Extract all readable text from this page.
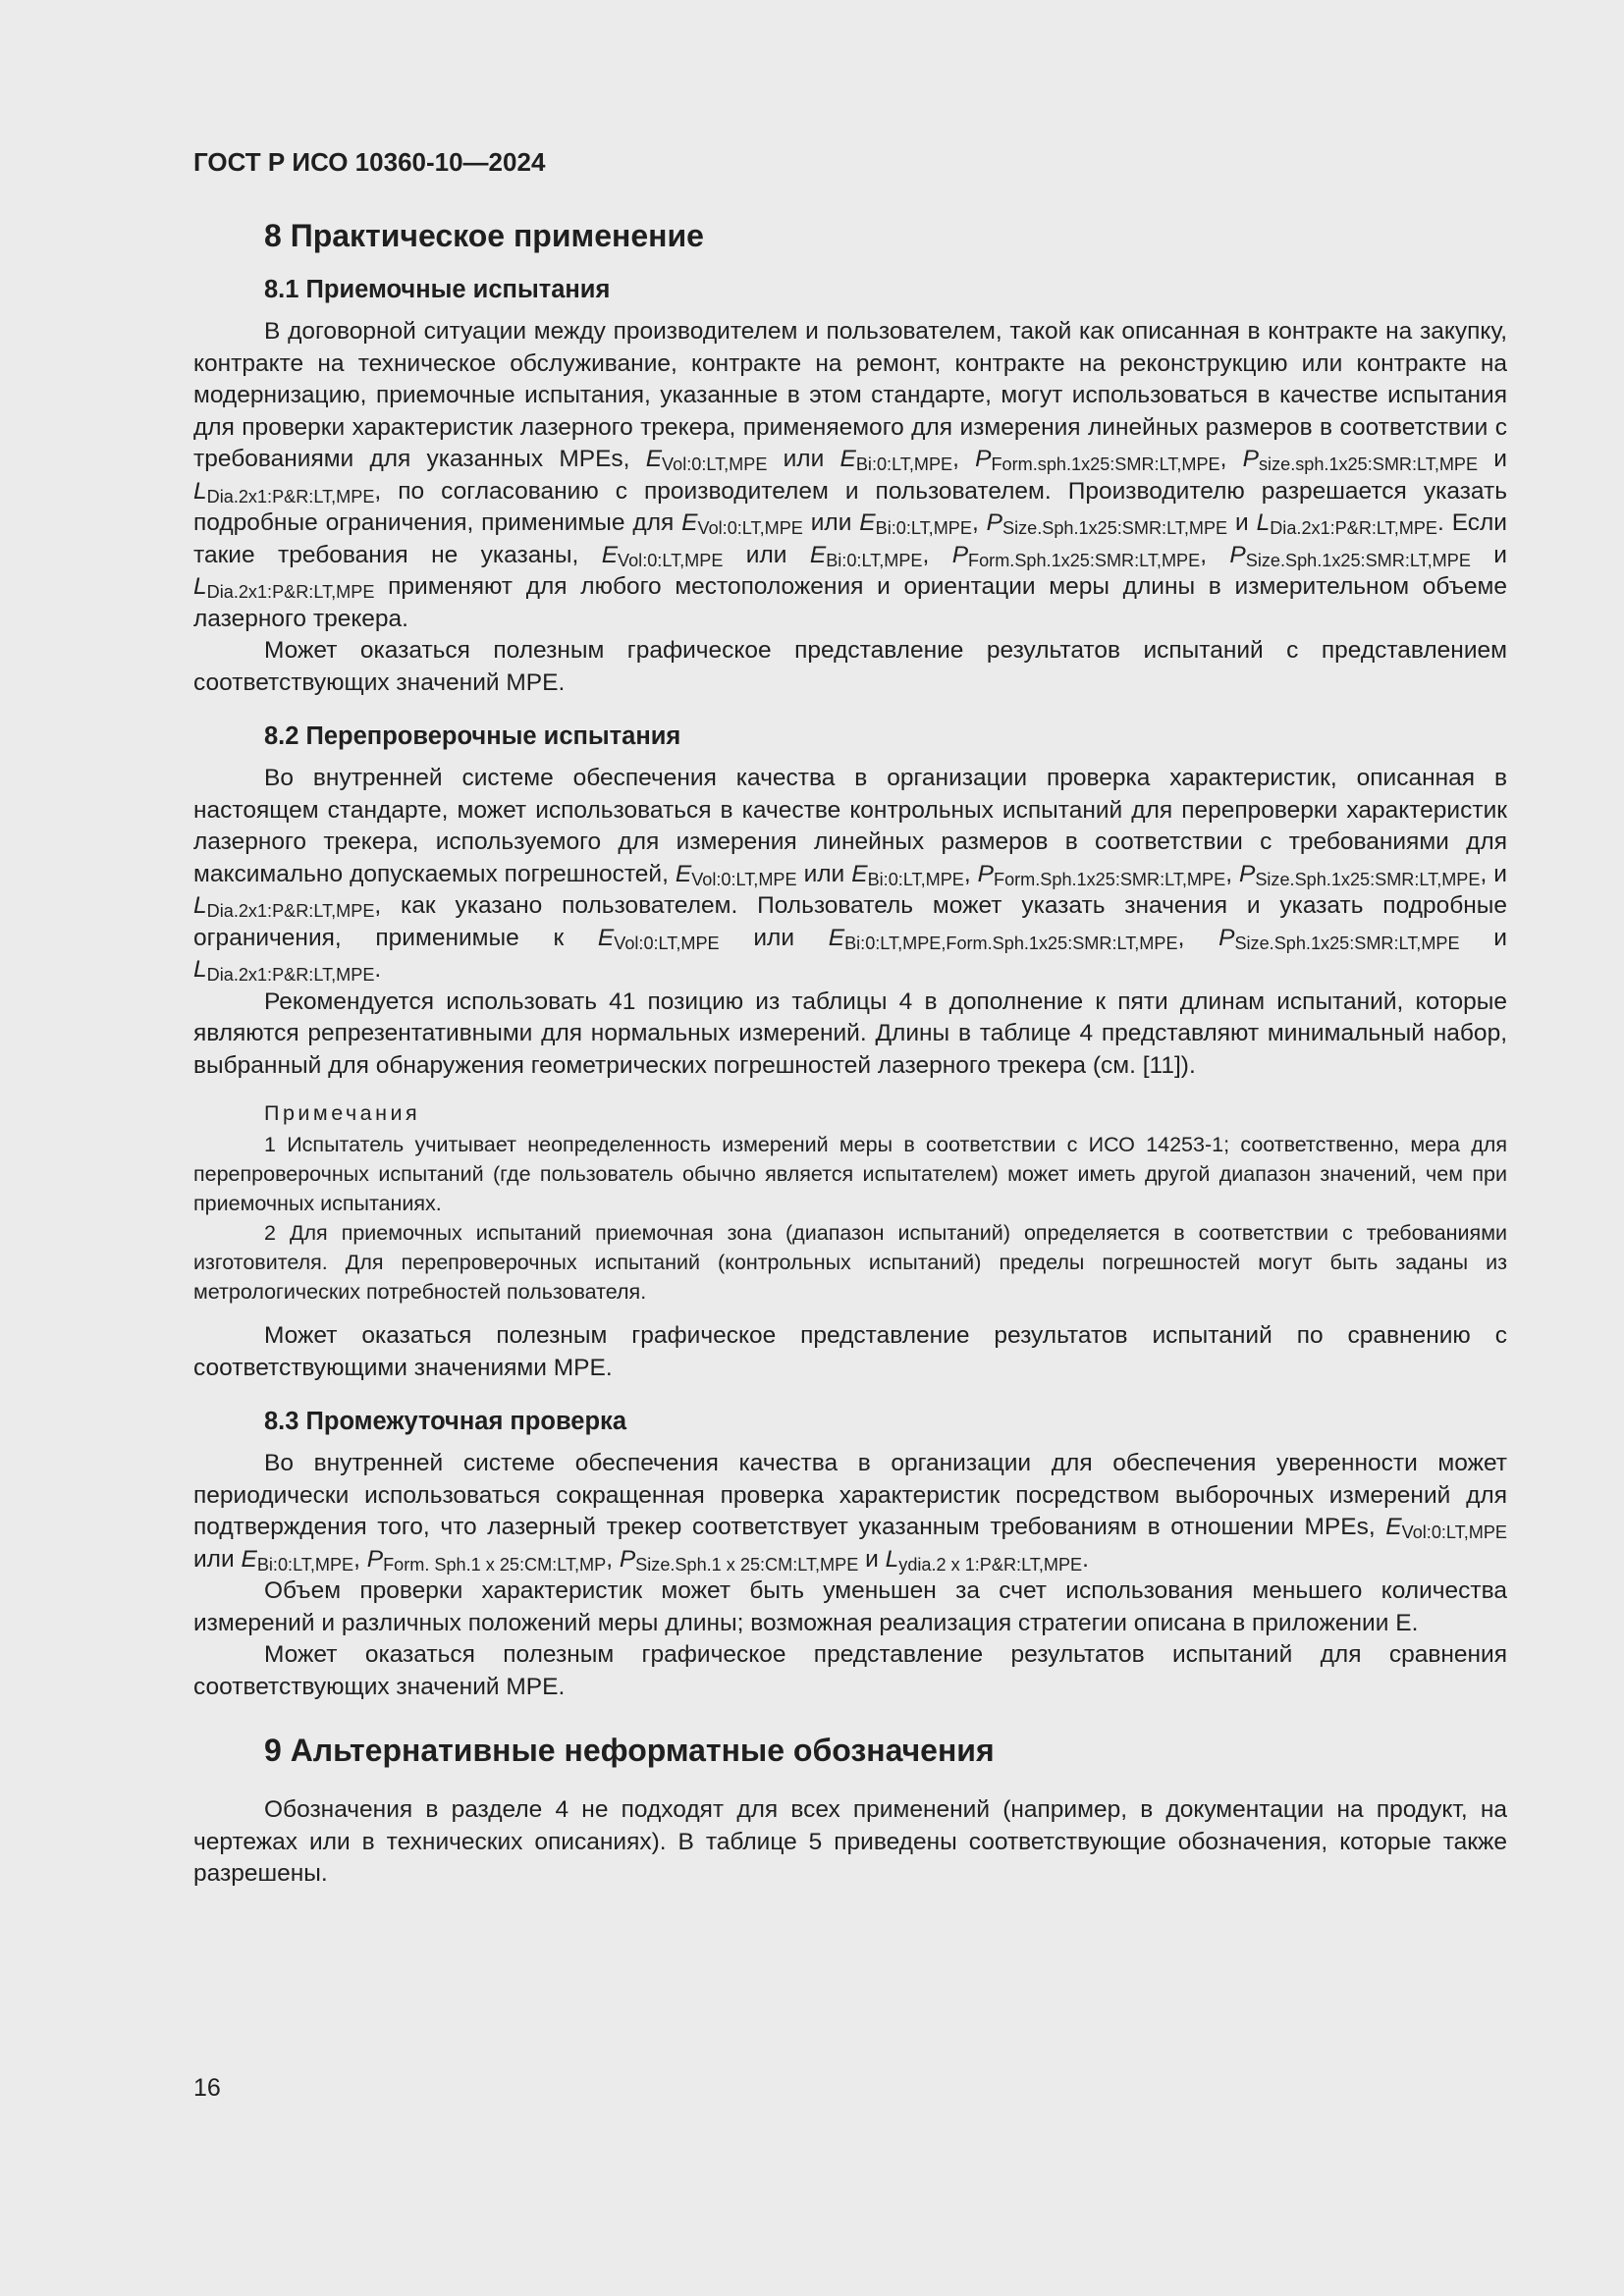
ГОСТ Р ИСО 10360-10—2024
8 Практическое применение
8.1 Приемочные испытания

В договорной ситуации между производителем и пользователем, такой как описанная в контракте на закупку, контракте на техническое обслуживание, контракте на ремонт, контракте на реконструкцию или контракте на модернизацию, приемочные испытания, указанные в этом стандарте, могут использоваться в качестве испытания для проверки характеристик лазерного трекера, применяемого для измерения линейных размеров в соответствии с требованиями для указанных MPEs, $E_{Vol:0:LT,MPE}$ или $E_{Bi:0:LT,MPE}$, $P_{Form.sph.1x25:SMR:LT,MPE}$, $P_{size.sph.1x25:SMR:LT,MPE}$ и $L_{Dia.2x1:P\&R:LT,MPE}$, по согласованию с производителем и пользователем. Производителю разрешается указать подробные ограничения, применимые для $E_{Vol:0:LT,MPE}$ или $E_{Bi:0:LT,MPE}$, $P_{Size.Sph.1x25:SMR:LT,MPE}$ и $L_{Dia.2x1:P\&R:LT,MPE}$. Если такие требования не указаны, $E_{Vol:0:LT,MPE}$ или $E_{Bi:0:LT,MPE}$, $P_{Form.Sph.1x25:SMR:LT,MPE}$, $P_{Size.Sph.1x25:SMR:LT,MPE}$ и $L_{Dia.2x1:P\&R:LT,MPE}$ применяют для любого местоположения и ориентации меры длины в измерительном объеме лазерного трекера.

Может оказаться полезным графическое представление результатов испытаний с представлением соответствующих значений MPE.

8.2 Перепроверочные испытания

Во внутренней системе обеспечения качества в организации проверка характеристик, описанная в настоящем стандарте, может использоваться в качестве контрольных испытаний для перепроверки характеристик лазерного трекера, используемого для измерения линейных размеров в соответствии с требованиями для максимально допускаемых погрешностей, $E_{Vol:0:LT,MPE}$ или $E_{Bi:0:LT,MPE}$, $P_{Form.Sph.1x25:SMR:LT,MPE}$, $P_{Size.Sph.1x25:SMR:LT,MPE}$, и $L_{Dia.2x1:P\&R:LT,MPE}$, как указано пользователем. Пользователь может указать значения и указать подробные ограничения, применимые к $E_{Vol:0:LT,MPE}$ или $E_{Bi:0:LT,MPE,Form.Sph.1x25:SMR:LT,MPE}$, $P_{Size.Sph.1x25:SMR:LT,MPE}$ и $L_{Dia.2x1:P\&R:LT,MPE}$.

Рекомендуется использовать 41 позицию из таблицы 4 в дополнение к пяти длинам испытаний, которые являются репрезентативными для нормальных измерений. Длины в таблице 4 представляют минимальный набор, выбранный для обнаружения геометрических погрешностей лазерного трекера (см. [11]).

Примечания

1 Испытатель учитывает неопределенность измерений меры в соответствии с ИСО 14253-1; соответственно, мера для перепроверочных испытаний (где пользователь обычно является испытателем) может иметь другой диапазон значений, чем при приемочных испытаниях.

2 Для приемочных испытаний приемочная зона (диапазон испытаний) определяется в соответствии с требованиями изготовителя. Для перепроверочных испытаний (контрольных испытаний) пределы погрешностей могут быть заданы из метрологических потребностей пользователя.

Может оказаться полезным графическое представление результатов испытаний по сравнению с соответствующими значениями MPE.

8.3 Промежуточная проверка

Во внутренней системе обеспечения качества в организации для обеспечения уверенности может периодически использоваться сокращенная проверка характеристик посредством выборочных измерений для подтверждения того, что лазерный трекер соответствует указанным требованиям в отношении MPEs, $E_{Vol:0:LT,MPE}$ или $E_{Bi:0:LT,MPE}$, $P_{Form. Sph.1 x 25:CM:LT,MP}$, $P_{Size.Sph.1 x 25:CM:LT,MPE}$ и $L_{ydia.2 x 1:P\&R:LT,MPE}$.

Объем проверки характеристик может быть уменьшен за счет использования меньшего количества измерений и различных положений меры длины; возможная реализация стратегии описана в приложении Е.

Может оказаться полезным графическое представление результатов испытаний для сравнения соответствующих значений MPE.

9 Альтернативные неформатные обозначения

Обозначения в разделе 4 не подходят для всех применений (например, в документации на продукт, на чертежах или в технических описаниях). В таблице 5 приведены соответствующие обозначения, которые также разрешены.

16
